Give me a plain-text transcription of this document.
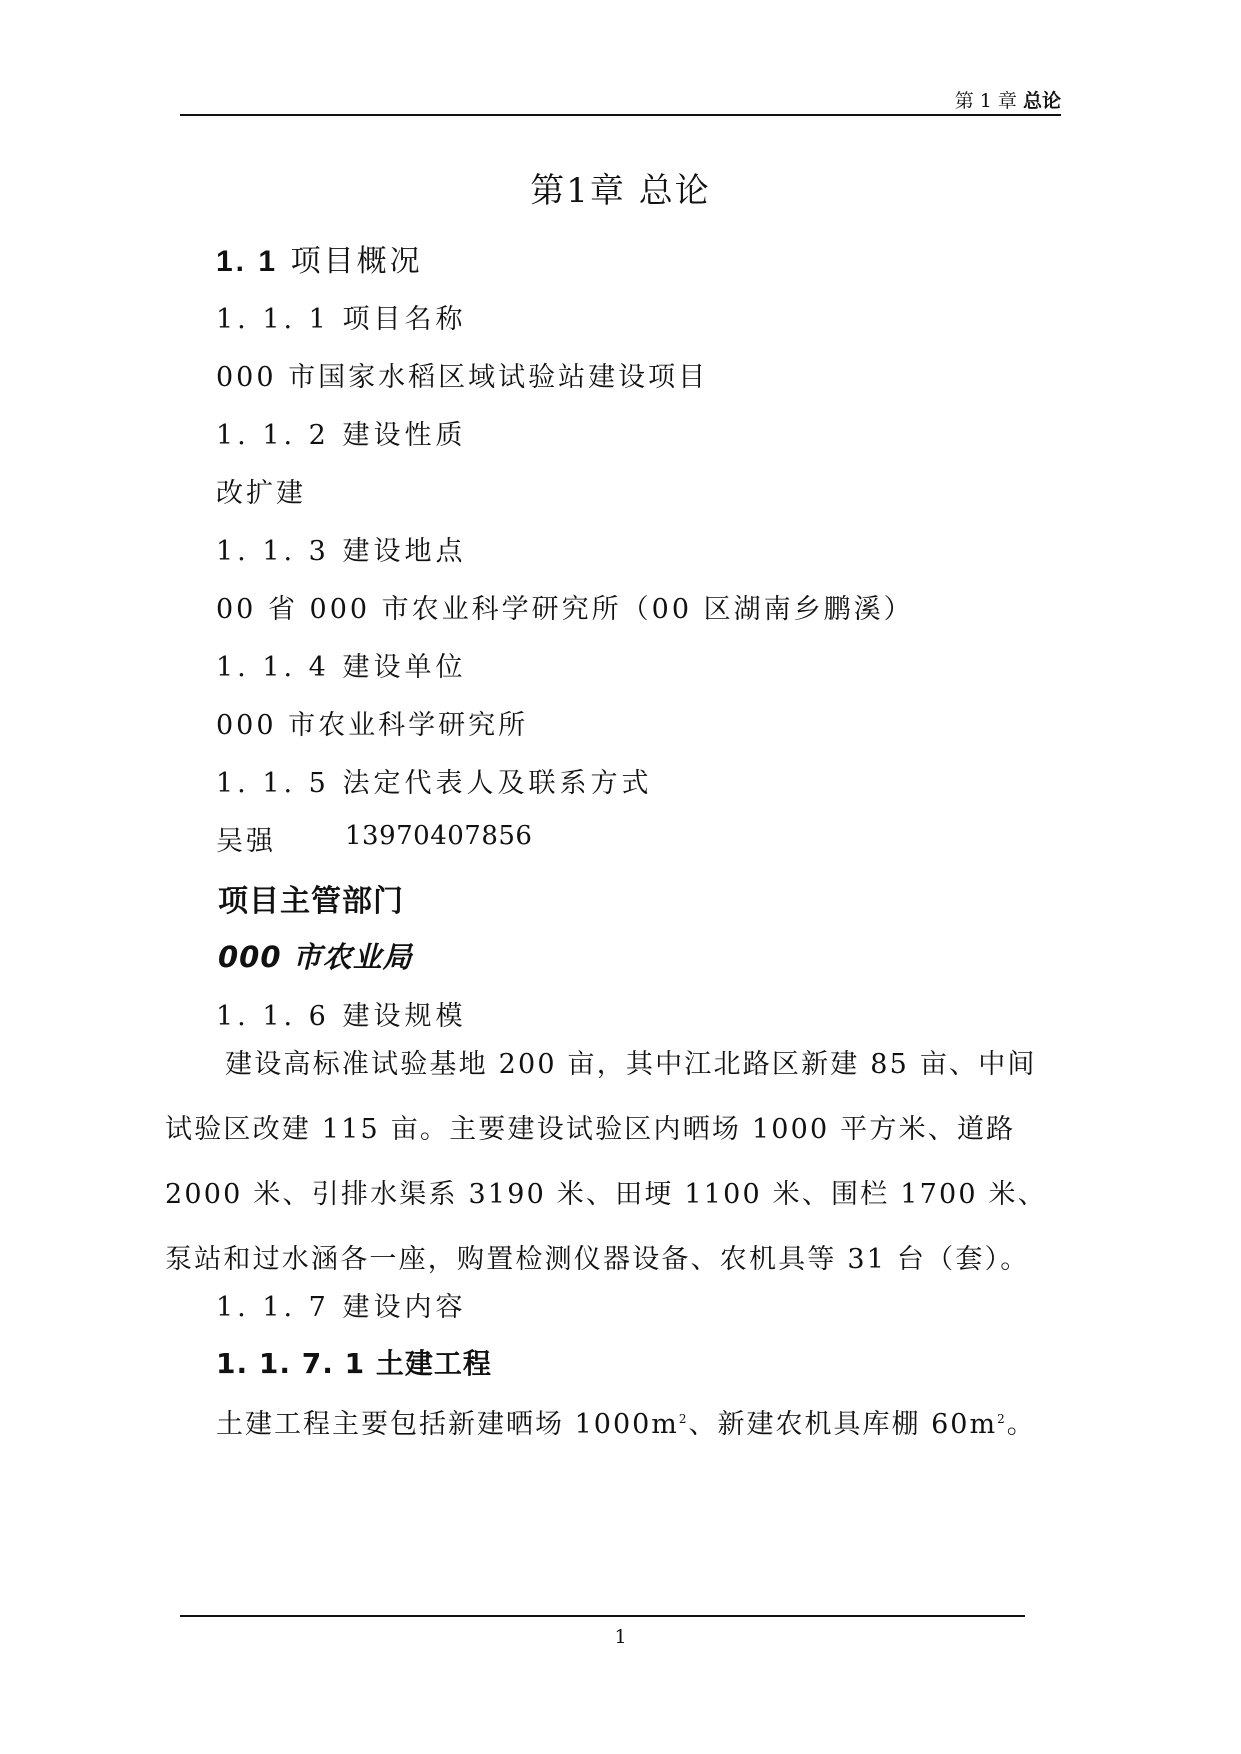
第 1 章 总论
第1章 总论
1. 1 项目概况
1. 1. 1 项目名称
000 市国家水稻区域试验站建设项目
1. 1. 2 建设性质
改扩建
1. 1. 3 建设地点
00 省 000 市农业科学研究所（00 区湖南乡鹏溪）
1. 1. 4 建设单位
000 市农业科学研究所
1. 1. 5 法定代表人及联系方式
吴强	13970407856
项目主管部门
000 市农业局
1. 1. 6 建设规模
建设高标准试验基地 200 亩，其中江北路区新建 85 亩、中间试验区改建 115 亩。主要建设试验区内晒场 1000 平方米、道路 2000 米、引排水渠系 3190 米、田埂 1100 米、围栏 1700 米、泵站和过水涵各一座，购置检测仪器设备、农机具等 31 台（套）。
1. 1. 7 建设内容
1. 1. 7. 1 土建工程
土建工程主要包括新建晒场 $1000m^2$、新建农机具库棚 $60m^2$。
1
